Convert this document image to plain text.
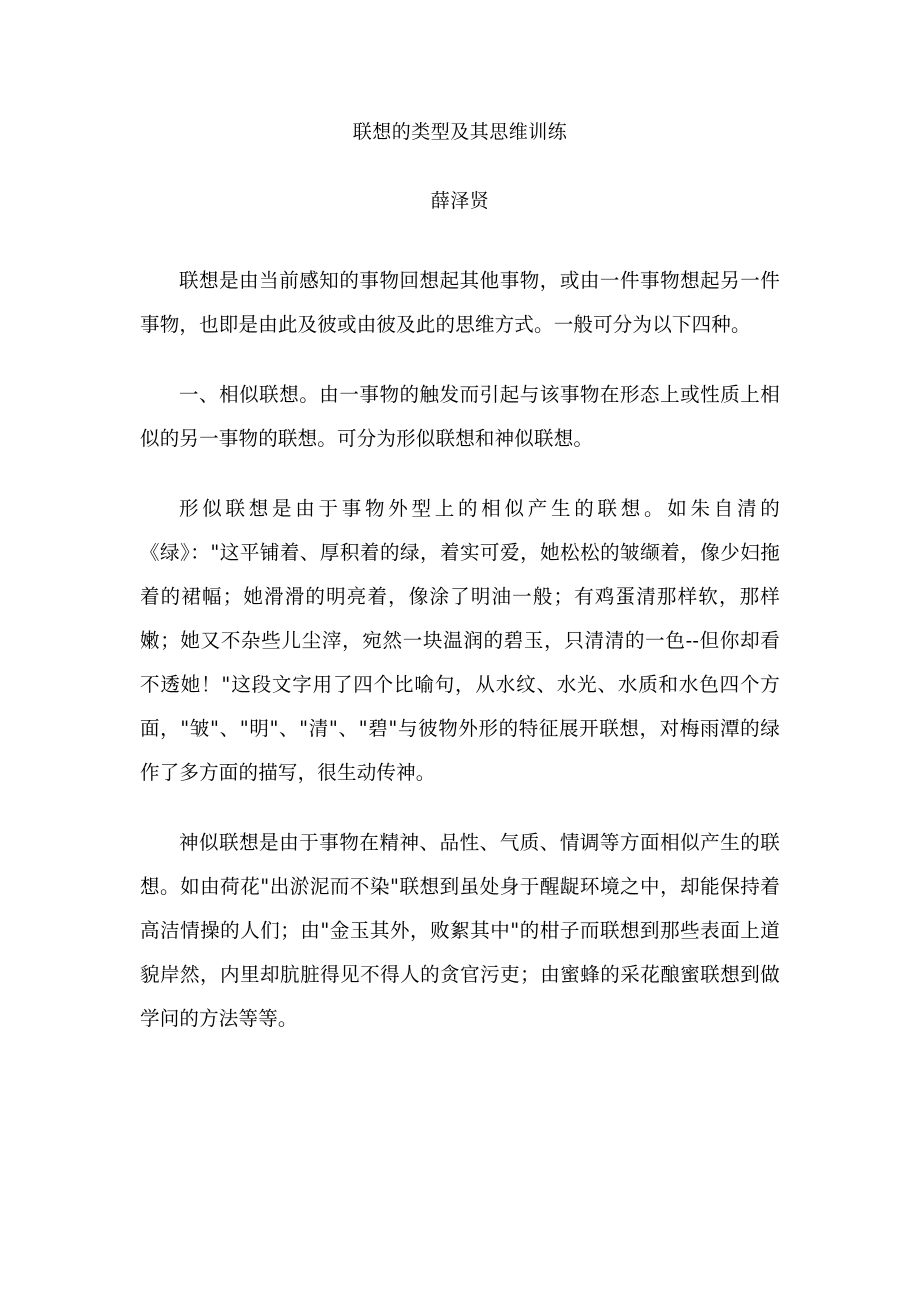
联想的类型及其思维训练
薛泽贤

联想是由当前感知的事物回想起其他事物，或由一件事物想起另一件事物，也即是由此及彼或由彼及此的思维方式。一般可分为以下四种。

一、相似联想。由一事物的触发而引起与该事物在形态上或性质上相似的另一事物的联想。可分为形似联想和神似联想。

形似联想是由于事物外型上的相似产生的联想。如朱自清的《绿》："这平铺着、厚积着的绿，着实可爱，她松松的皱缬着，像少妇拖着的裙幅；她滑滑的明亮着，像涂了明油一般；有鸡蛋清那样软，那样嫩；她又不杂些儿尘滓，宛然一块温润的碧玉，只清清的一色--但你却看不透她！"这段文字用了四个比喻句，从水纹、水光、水质和水色四个方面，"皱"、"明"、"清"、"碧"与彼物外形的特征展开联想，对梅雨潭的绿作了多方面的描写，很生动传神。

神似联想是由于事物在精神、品性、气质、情调等方面相似产生的联想。如由荷花"出淤泥而不染"联想到虽处身于醒龊环境之中，却能保持着高洁情操的人们；由"金玉其外，败絮其中"的柑子而联想到那些表面上道貌岸然，内里却肮脏得见不得人的贪官污吏；由蜜蜂的采花酿蜜联想到做学问的方法等等。
